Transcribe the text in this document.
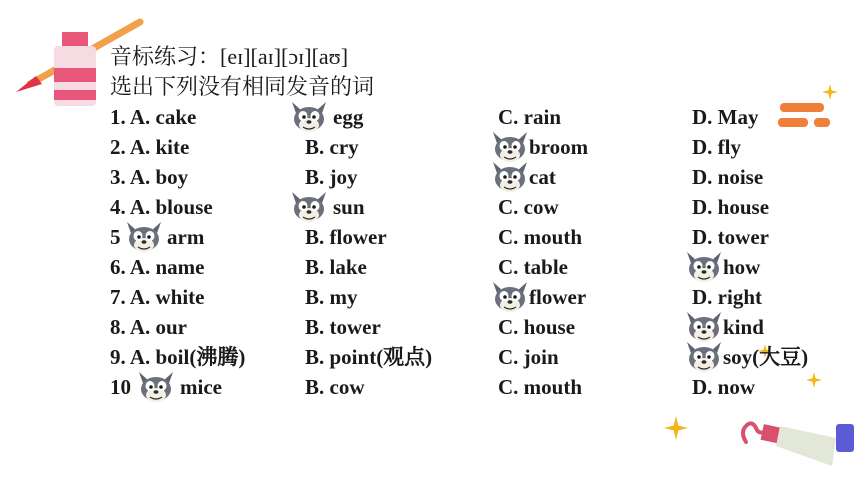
音标练习：[eɪ][aɪ][ɔɪ][aʊ]
选出下列没有相同发音的词
1. A. cake	egg	C. rain	D. May
2. A. kite	B. cry	broom	D. fly
3. A. boy	B. joy	cat	D. noise
4. A. blouse	sun	C. cow	D. house
5 arm	B. flower	C. mouth	D. tower
6. A. name	B. lake	C. table	how
7. A. white	B. my	flower	D. right
8. A. our	B. tower	C. house	kind
9. A. boil(沸腾)	B. point(观点)	C. join	soy(大豆)
10 mice	B. cow	C. mouth	D. now
